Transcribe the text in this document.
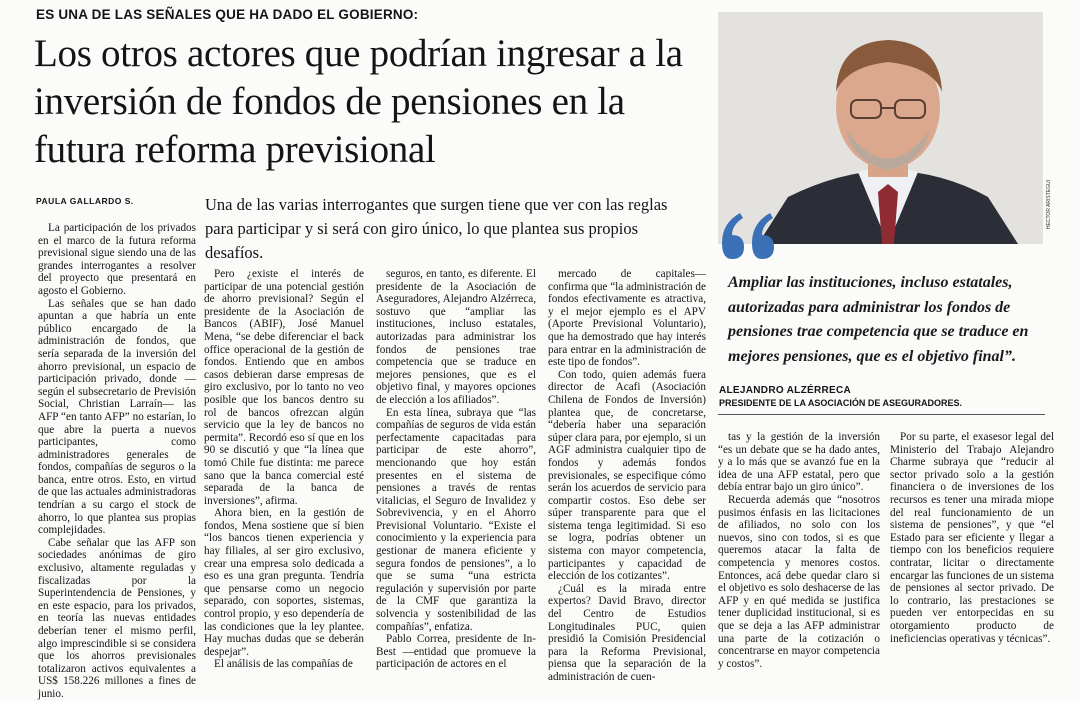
ES UNA DE LAS SEÑALES QUE HA DADO EL GOBIERNO:
Los otros actores que podrían ingresar a la inversión de fondos de pensiones en la futura reforma previsional
PAULA GALLARDO S.	Una de las varias interrogantes que surgen tiene que ver con las reglas para participar y si será con giro único, lo que plantea sus propios desafíos.

La participación de los privados en el marco de la futura reforma previsional sigue siendo una de las grandes interrogantes a resolver del proyecto que presentará en agosto el Gobierno.

Las señales que se han dado apuntan a que habría un ente público encargado de la administración de fondos, que sería separada de la inversión del ahorro previsional, un espacio de participación privado, donde —según el subsecretario de Previsión Social, Christian Larraín— las AFP “en tanto AFP” no estarían, lo que abre la puerta a nuevos participantes, como administradores generales de fondos, compañías de seguros o la banca, entre otros. Esto, en virtud de que las actuales administradoras tendrían a su cargo el stock de ahorro, lo que plantea sus propias complejidades.

Cabe señalar que las AFP son sociedades anónimas de giro exclusivo, altamente reguladas y fiscalizadas por la Superintendencia de Pensiones, y en este espacio, para los privados, en teoría las nuevas entidades deberían tener el mismo perfil, algo imprescindible si se considera que los ahorros previsionales totalizaron activos equivalentes a US$ 158.226 millones a fines de junio.

Pero ¿existe el interés de participar de una potencial gestión de ahorro previsional? Según el presidente de la Asociación de Bancos (ABIF), José Manuel Mena, “se debe diferenciar el back office operacional de la gestión de fondos. Entiendo que en ambos casos debieran darse empresas de giro exclusivo, por lo tanto no veo posible que los bancos dentro su rol de bancos ofrezcan algún servicio que la ley de bancos no permita”. Recordó eso sí que en los 90 se discutió y que “la línea que tomó Chile fue distinta: me parece sano que la banca comercial esté separada de la banca de inversiones”, afirma.

Ahora bien, en la gestión de fondos, Mena sostiene que sí bien “los bancos tienen experiencia y hay filiales, al ser giro exclusivo, crear una empresa solo dedicada a eso es una gran pregunta. Tendría que pensarse como un negocio separado, con soportes, sistemas, control propio, y eso dependería de las condiciones que la ley plantee. Hay muchas dudas que se deberán despejar”.

El análisis de las compañías de

seguros, en tanto, es diferente. El presidente de la Asociación de Aseguradores, Alejandro Alzérreca, sostuvo que “ampliar las instituciones, incluso estatales, autorizadas para administrar los fondos de pensiones trae competencia que se traduce en mejores pensiones, que es el objetivo final, y mayores opciones de elección a los afiliados”.

En esta línea, subraya que “las compañías de seguros de vida están perfectamente capacitadas para participar de este ahorro”, mencionando que hoy están presentes en el sistema de pensiones a través de rentas vitalicias, el Seguro de Invalidez y Sobrevivencia, y en el Ahorro Previsional Voluntario. “Existe el conocimiento y la experiencia para gestionar de manera eficiente y segura fondos de pensiones”, a lo que se suma “una estricta regulación y supervisión por parte de la CMF que garantiza la solvencia y sostenibilidad de las compañías”, enfatiza.

Pablo Correa, presidente de In-Best —entidad que promueve la participación de actores en el

mercado de capitales— confirma que “la administración de fondos efectivamente es atractiva, y el mejor ejemplo es el APV (Aporte Previsional Voluntario), que ha demostrado que hay interés para entrar en la administración de este tipo de fondos”.

Con todo, quien además fuera director de Acafi (Asociación Chilena de Fondos de Inversión) plantea que, de concretarse, “debería haber una separación súper clara para, por ejemplo, si un AGF administra cualquier tipo de fondos y además fondos previsionales, se especifique cómo serán los acuerdos de servicio para compartir costos. Eso debe ser súper transparente para que el sistema tenga legitimidad. Si eso se logra, podrías obtener un sistema con mayor competencia, participantes y capacidad de elección de los cotizantes”.

¿Cuál es la mirada entre expertos? David Bravo, director del Centro de Estudios Longitudinales PUC, quien presidió la Comisión Presidencial para la Reforma Previsional, piensa que la separación de la administración de cuen-

tas y la gestión de la inversión “es un debate que se ha dado antes, y a lo más que se avanzó fue en la idea de una AFP estatal, pero que debía entrar bajo un giro único”.

Recuerda además que “nosotros pusimos énfasis en las licitaciones de afiliados, no solo con los nuevos, sino con todos, si es que queremos atacar la falta de competencia y menores costos. Entonces, acá debe quedar claro si el objetivo es solo deshacerse de las AFP y en qué medida se justifica tener duplicidad institucional, si es que se deja a las AFP administrar una parte de la cotización o concentrarse en mayor competencia y costos”.

Por su parte, el exasesor legal del Ministerio del Trabajo Alejandro Charme subraya que “reducir al sector privado solo a la gestión financiera o de inversiones de los recursos es tener una mirada miope del real funcionamiento de un sistema de pensiones”, y que “el Estado para ser eficiente y llegar a tiempo con los beneficios requiere contratar, licitar o directamente encargar las funciones de un sistema de pensiones al sector privado. De lo contrario, las prestaciones se pueden ver entorpecidas en su otorgamiento producto de ineficiencias operativas y técnicas”.

HECTOR ARISTEGUI

Ampliar las instituciones, incluso estatales, autorizadas para administrar los fondos de pensiones trae competencia que se traduce en mejores pensiones, que es el objetivo final”.

ALEJANDRO ALZÉRRECA
PRESIDENTE DE LA ASOCIACIÓN DE ASEGURADORES.
